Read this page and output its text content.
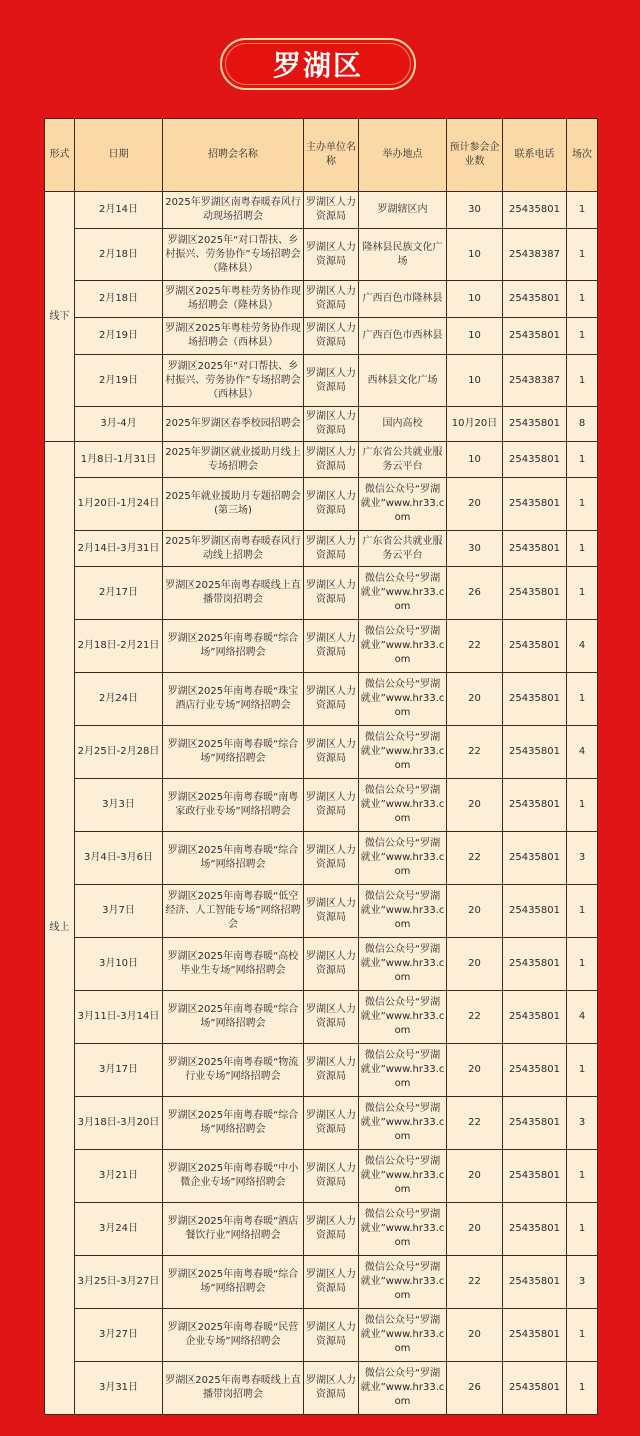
罗湖区
形式	日期	招聘会名称	主办单位名称	举办地点	预计参会企业数	联系电话	场次
线下	2月14日	2025年罗湖区南粤春暖春风行动现场招聘会	罗湖区人力资源局	罗湖辖区内	30	25435801	1
	2月18日	罗湖区2025年“对口帮扶、乡村振兴、劳务协作”专场招聘会（隆林县）	罗湖区人力资源局	隆林县民族文化广场	10	25438387	1
	2月18日	罗湖区2025年粤桂劳务协作现场招聘会（隆林县）	罗湖区人力资源局	广西百色市隆林县	10	25435801	1
	2月19日	罗湖区2025年粤桂劳务协作现场招聘会（西林县）	罗湖区人力资源局	广西百色市西林县	10	25435801	1
	2月19日	罗湖区2025年“对口帮扶、乡村振兴、劳务协作”专场招聘会（西林县）	罗湖区人力资源局	西林县文化广场	10	25438387	1
	3月-4月	2025年罗湖区春季校园招聘会	罗湖区人力资源局	国内高校	10月20日	25435801	8
线上	1月8日-1月31日	2025年罗湖区就业援助月线上专场招聘会	罗湖区人力资源局	广东省公共就业服务云平台	10	25435801	1
	1月20日-1月24日	2025年就业援助月专题招聘会(第三场)	罗湖区人力资源局	微信公众号“罗湖就业”www.hr33.com	20	25435801	1
	2月14日-3月31日	2025年罗湖区南粤春暖春风行动线上招聘会	罗湖区人力资源局	广东省公共就业服务云平台	30	25435801	1
	2月17日	罗湖区2025年南粤春暖线上直播带岗招聘会	罗湖区人力资源局	微信公众号“罗湖就业”www.hr33.com	26	25435801	1
	2月18日-2月21日	罗湖区2025年南粤春暖“综合场”网络招聘会	罗湖区人力资源局	微信公众号“罗湖就业”www.hr33.com	22	25435801	4
	2月24日	罗湖区2025年南粤春暖“珠宝酒店行业专场”网络招聘会	罗湖区人力资源局	微信公众号“罗湖就业”www.hr33.com	20	25435801	1
	2月25日-2月28日	罗湖区2025年南粤春暖“综合场”网络招聘会	罗湖区人力资源局	微信公众号“罗湖就业”www.hr33.com	22	25435801	4
	3月3日	罗湖区2025年南粤春暖“南粤家政行业专场”网络招聘会	罗湖区人力资源局	微信公众号“罗湖就业”www.hr33.com	20	25435801	1
	3月4日-3月6日	罗湖区2025年南粤春暖“综合场”网络招聘会	罗湖区人力资源局	微信公众号“罗湖就业”www.hr33.com	22	25435801	3
	3月7日	罗湖区2025年南粤春暖“低空经济、人工智能专场”网络招聘会	罗湖区人力资源局	微信公众号“罗湖就业”www.hr33.com	20	25435801	1
	3月10日	罗湖区2025年南粤春暖“高校毕业生专场”网络招聘会	罗湖区人力资源局	微信公众号“罗湖就业”www.hr33.com	20	25435801	1
	3月11日-3月14日	罗湖区2025年南粤春暖“综合场”网络招聘会	罗湖区人力资源局	微信公众号“罗湖就业”www.hr33.com	22	25435801	4
	3月17日	罗湖区2025年南粤春暖“物流行业专场”网络招聘会	罗湖区人力资源局	微信公众号“罗湖就业”www.hr33.com	20	25435801	1
	3月18日-3月20日	罗湖区2025年南粤春暖“综合场”网络招聘会	罗湖区人力资源局	微信公众号“罗湖就业”www.hr33.com	22	25435801	3
	3月21日	罗湖区2025年南粤春暖“中小微企业专场”网络招聘会	罗湖区人力资源局	微信公众号“罗湖就业”www.hr33.com	20	25435801	1
	3月24日	罗湖区2025年南粤春暖“酒店餐饮行业”网络招聘会	罗湖区人力资源局	微信公众号“罗湖就业”www.hr33.com	20	25435801	1
	3月25日-3月27日	罗湖区2025年南粤春暖“综合场”网络招聘会	罗湖区人力资源局	微信公众号“罗湖就业”www.hr33.com	22	25435801	3
	3月27日	罗湖区2025年南粤春暖“民营企业专场”网络招聘会	罗湖区人力资源局	微信公众号“罗湖就业”www.hr33.com	20	25435801	1
	3月31日	罗湖区2025年南粤春暖线上直播带岗招聘会	罗湖区人力资源局	微信公众号“罗湖就业”www.hr33.com	26	25435801	1
